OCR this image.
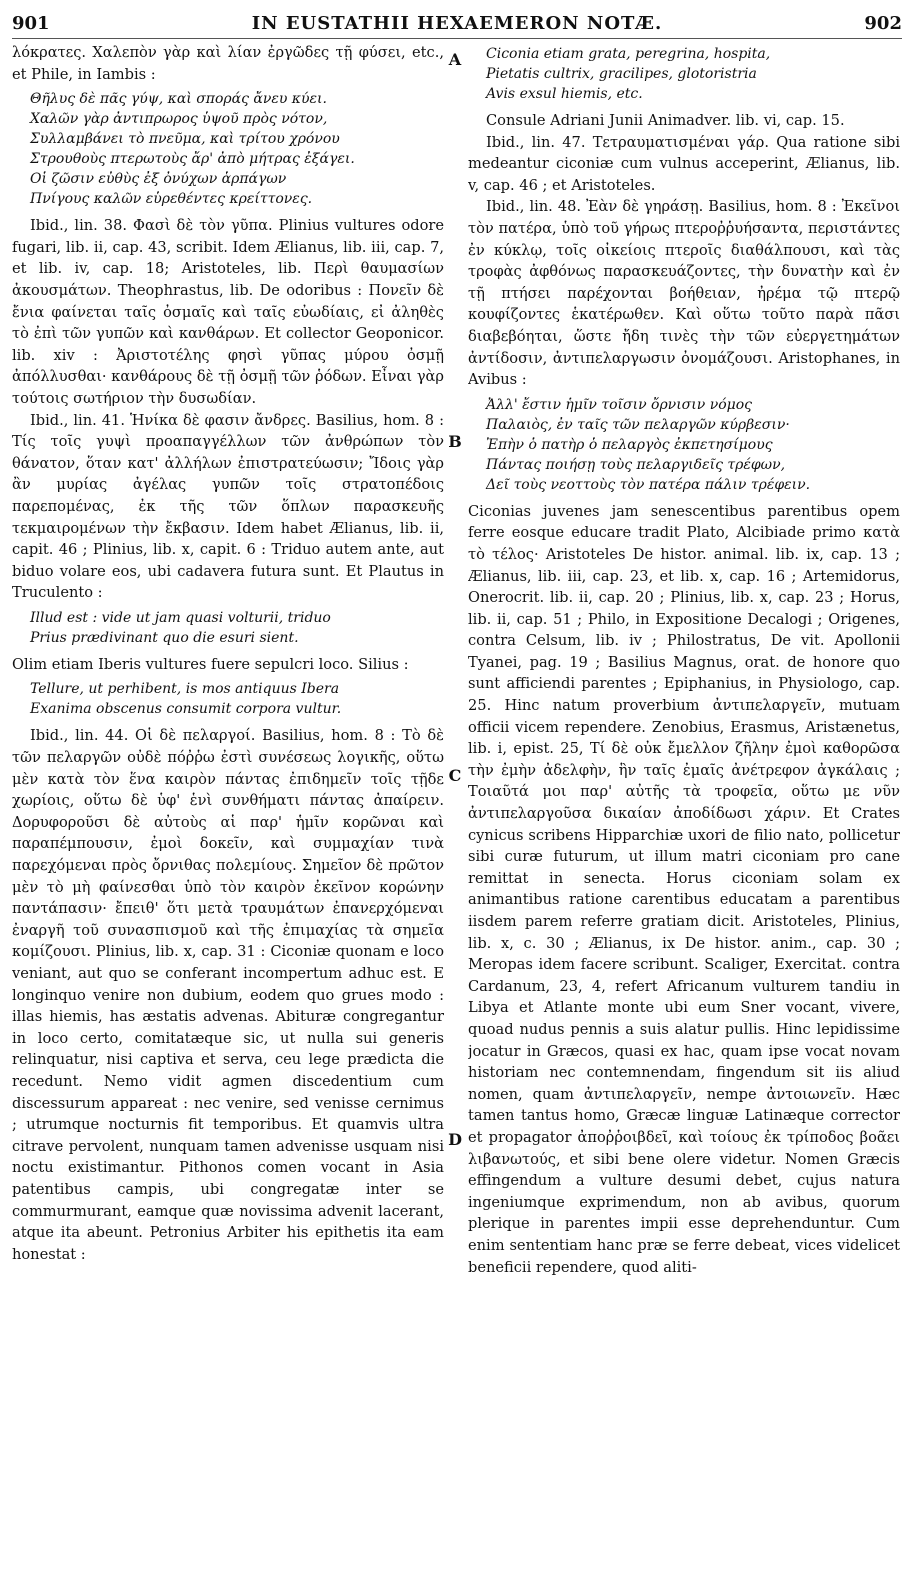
901	IN EUSTATHII HEXAEMERON NOTÆ.	902
A
B
C
D

λόκρατες. Χαλεπὸν γὰρ καὶ λίαν ἐργῶδες τῇ φύσει, etc., et Phile, in Iambis :

Θῆλυς δὲ πᾶς γύψ, καὶ σποράς ἄνευ κύει.
Χαλῶν γὰρ ἀντιπρωρος ὑψοῦ πρὸς νότον,
Συλλαμβάνει τὸ πνεῦμα, καὶ τρίτου χρόνου
Στρουθοὺς πτερωτοὺς ἄρ' ἀπὸ μήτρας ἐξάγει.
Οἱ ζῶσιν εὐθὺς ἐξ ὀνύχων ἁρπάγων
Πνίγους καλῶν εὑρεθέντες κρείττονες.

Ibid., lin. 38. Φασὶ δὲ τὸν γῦπα. Plinius vultures odore fugari, lib. ii, cap. 43, scribit. Idem Ælianus, lib. iii, cap. 7, et lib. iv, cap. 18; Aristoteles, lib. Περὶ θαυμασίων ἀκουσμάτων. Theophrastus, lib. De odoribus : Πονεῖν δὲ ἔνια φαίνεται ταῖς ὀσμαῖς καὶ ταῖς εὐωδίαις, εἰ ἀληθὲς τὸ ἐπὶ τῶν γυπῶν καὶ κανθάρων. Et collector Geoponicor. lib. xiv : Ἀριστοτέλης φησὶ γῦπας μύρου ὀσμῇ ἀπόλλυσθαι· κανθάρους δὲ τῇ ὀσμῇ τῶν ῥόδων. Εἶναι γὰρ τούτοις σωτήριον τὴν δυσωδίαν.

Ibid., lin. 41. Ἡνίκα δὲ φασιν ἄνδρες. Basilius, hom. 8 : Τίς τοῖς γυψὶ προαπαγγέλλων τῶν ἀνθρώπων τὸν θάνατον, ὅταν κατ' ἀλλήλων ἐπιστρατεύωσιν; Ἴδοις γὰρ ἂν μυρίας ἀγέλας γυπῶν τοῖς στρατοπέδοις παρεπομένας, ἐκ τῆς τῶν ὅπλων παρασκευῆς τεκμαιρομένων τὴν ἔκβασιν. Idem habet Ælianus, lib. ii, capit. 46 ; Plinius, lib. x, capit. 6 : Triduo autem ante, aut biduo volare eos, ubi cadavera futura sunt. Et Plautus in Truculento :

Illud est : vide ut jam quasi volturii, triduo
Prius prædivinant quo die esuri sient.

Olim etiam Iberis vultures fuere sepulcri loco. Silius :

Tellure, ut perhibent, is mos antiquus Ibera
Exanima obscenus consumit corpora vultur.

Ibid., lin. 44. Οἱ δὲ πελαργοί. Basilius, hom. 8 : Τὸ δὲ τῶν πελαργῶν οὐδὲ πόῤῥω ἐστὶ συνέσεως λογικῆς, οὕτω μὲν κατὰ τὸν ἕνα καιρὸν πάντας ἐπιδημεῖν τοῖς τῇδε χωρίοις, οὕτω δὲ ὑφ' ἑνὶ συνθήματι πάντας ἀπαίρειν. Δορυφοροῦσι δὲ αὐτοὺς αἱ παρ' ἡμῖν κορῶναι καὶ παραπέμπουσιν, ἐμοὶ δοκεῖν, καὶ συμμαχίαν τινὰ παρεχόμεναι πρὸς ὄρνιθας πολεμίους. Σημεῖον δὲ πρῶτον μὲν τὸ μὴ φαίνεσθαι ὑπὸ τὸν καιρὸν ἐκεῖνον κορώνην παντάπασιν· ἔπειθ' ὅτι μετὰ τραυμάτων ἐπανερχόμεναι ἐναργῆ τοῦ συνασπισμοῦ καὶ τῆς ἐπιμαχίας τὰ σημεῖα κομίζουσι. Plinius, lib. x, cap. 31 : Ciconiæ quonam e loco veniant, aut quo se conferant incompertum adhuc est. E longinquo venire non dubium, eodem quo grues modo : illas hiemis, has æstatis advenas. Abituræ congregantur in loco certo, comitatæque sic, ut nulla sui generis relinquatur, nisi captiva et serva, ceu lege prædicta die recedunt. Nemo vidit agmen discedentium cum discessurum appareat : nec venire, sed venisse cernimus ; utrumque nocturnis fit temporibus. Et quamvis ultra citrave pervolent, nunquam tamen advenisse usquam nisi noctu existimantur. Pithonos comen vocant in Asia patentibus campis, ubi congregatæ inter se commurmurant, eamque quæ novissima advenit lacerant, atque ita abeunt. Petronius Arbiter his epithetis ita eam honestat :

Ciconia etiam grata, peregrina, hospita,
Pietatis cultrix, gracilipes, glotoristria
Avis exsul hiemis, etc.

Consule Adriani Junii Animadver. lib. vi, cap. 15.

Ibid., lin. 47. Τετραυματισμέναι γάρ. Qua ratione sibi medeantur ciconiæ cum vulnus acceperint, Ælianus, lib. v, cap. 46 ; et Aristoteles.

Ibid., lin. 48. Ἐὰν δὲ γηράσῃ. Basilius, hom. 8 : Ἐκεῖνοι τὸν πατέρα, ὑπὸ τοῦ γήρως πτεροῤῥυήσαντα, περιστάντες ἐν κύκλῳ, τοῖς οἰκείοις πτεροῖς διαθάλπουσι, καὶ τὰς τροφὰς ἀφθόνως παρασκευάζοντες, τὴν δυνατὴν καὶ ἐν τῇ πτήσει παρέχονται βοήθειαν, ἠρέμα τῷ πτερῷ κουφίζοντες ἑκατέρωθεν. Καὶ οὕτω τοῦτο παρὰ πᾶσι διαβεβόηται, ὥστε ἤδη τινὲς τὴν τῶν εὐεργετημάτων ἀντίδοσιν, ἀντιπελαργωσιν ὀνομάζουσι. Aristophanes, in Avibus :

Ἀλλ' ἔστιν ἡμῖν τοῖσιν ὄρνισιν νόμος
Παλαιὸς, ἐν ταῖς τῶν πελαργῶν κύρβεσιν·
Ἐπὴν ὁ πατὴρ ὁ πελαργὸς ἐκπετησίμους
Πάντας ποιήσῃ τοὺς πελαργιδεῖς τρέφων,
Δεῖ τοὺς νεοττοὺς τὸν πατέρα πάλιν τρέφειν.

Ciconias juvenes jam senescentibus parentibus opem ferre eosque educare tradit Plato, Alcibiade primo κατὰ τὸ τέλος· Aristoteles De histor. animal. lib. ix, cap. 13 ; Ælianus, lib. iii, cap. 23, et lib. x, cap. 16 ; Artemidorus, Onerocrit. lib. ii, cap. 20 ; Plinius, lib. x, cap. 23 ; Horus, lib. ii, cap. 51 ; Philo, in Expositione Decalogi ; Origenes, contra Celsum, lib. iv ; Philostratus, De vit. Apollonii Tyanei, pag. 19 ; Basilius Magnus, orat. de honore quo sunt afficiendi parentes ; Epiphanius, in Physiologo, cap. 25. Hinc natum proverbium ἀντιπελαργεῖν, mutuam officii vicem rependere. Zenobius, Erasmus, Aristænetus, lib. i, epist. 25, Τί δὲ οὐκ ἔμελλον ζῆλην ἐμοὶ καθορῶσα τὴν ἐμὴν ἀδελφὴν, ἣν ταῖς ἐμαῖς ἀνέτρεφον ἀγκάλαις ; Τοιαῦτά μοι παρ' αὐτῆς τὰ τροφεῖα, οὕτω με νῦν ἀντιπελαργοῦσα δικαίαν ἀποδίδωσι χάριν. Et Crates cynicus scribens Hipparchiæ uxori de filio nato, pollicetur sibi curæ futurum, ut illum matri ciconiam pro cane remittat in senecta. Horus ciconiam solam ex animantibus ratione carentibus educatam a parentibus iisdem parem referre gratiam dicit. Aristoteles, Plinius, lib. x, c. 30 ; Ælianus, ix De histor. anim., cap. 30 ; Meropas idem facere scribunt. Scaliger, Exercitat. contra Cardanum, 23, 4, refert Africanum vulturem tandiu in Libya et Atlante monte ubi eum Sner vocant, vivere, quoad nudus pennis a suis alatur pullis. Hinc lepidissime jocatur in Græcos, quasi ex hac, quam ipse vocat novam historiam nec contemnendam, fingendum sit iis aliud nomen, quam ἀντιπελαργεῖν, nempe ἀντοιωνεῖν. Hæc tamen tantus homo, Græcæ linguæ Latinæque corrector et propagator ἀποῤῥοιβδεῖ, καὶ τοίους ἐκ τρίποδος βοᾶει λιβανωτούς, et sibi bene olere videtur. Nomen Græcis effingendum a vulture desumi debet, cujus natura ingeniumque exprimendum, non ab avibus, quorum plerique in parentes impii esse deprehenduntur. Cum enim sententiam hanc præ se ferre debeat, vices videlicet beneficii rependere, quod aliti-
